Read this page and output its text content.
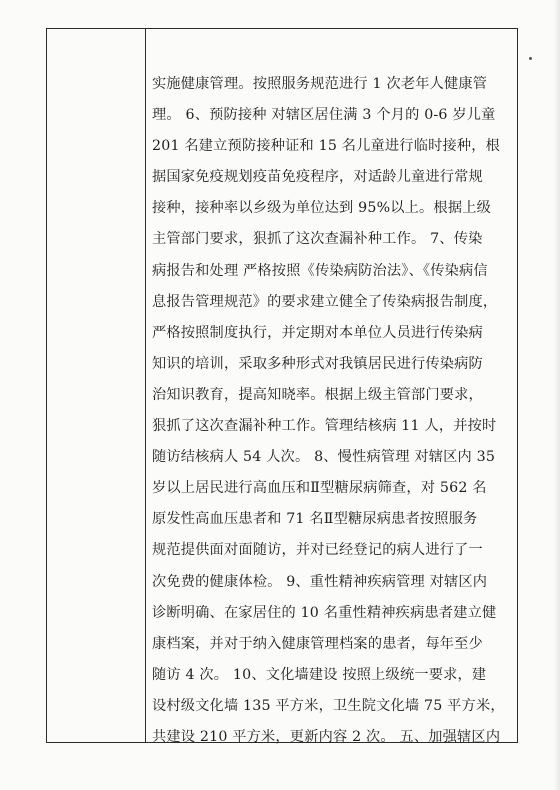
实施健康管理。按照服务规范进行 1 次老年人健康管
理。 6、预防接种 对辖区居住满 3 个月的 0-6 岁儿童
201 名建立预防接种证和 15 名儿童进行临时接种，根
据国家免疫规划疫苗免疫程序，对适龄儿童进行常规
接种，接种率以乡级为单位达到 95%以上。根据上级
主管部门要求，狠抓了这次查漏补种工作。 7、传染
病报告和处理 严格按照《传染病防治法》、《传染病信
息报告管理规范》的要求建立健全了传染病报告制度，
严格按照制度执行，并定期对本单位人员进行传染病
知识的培训，采取多种形式对我镇居民进行传染病防
治知识教育，提高知晓率。根据上级主管部门要求，
狠抓了这次查漏补种工作。管理结核病 11 人，并按时
随访结核病人 54 人次。 8、慢性病管理 对辖区内 35
岁以上居民进行高血压和Ⅱ型糖尿病筛查，对 562 名
原发性高血压患者和 71 名Ⅱ型糖尿病患者按照服务
规范提供面对面随访，并对已经登记的病人进行了一
次免费的健康体检。 9、重性精神疾病管理 对辖区内
诊断明确、在家居住的 10 名重性精神疾病患者建立健
康档案，并对于纳入健康管理档案的患者，每年至少
随访 4 次。 10、文化墙建设 按照上级统一要求，建
设村级文化墙 135 平方米，卫生院文化墙 75 平方米，
共建设 210 平方米，更新内容 2 次。 五、加强辖区内
